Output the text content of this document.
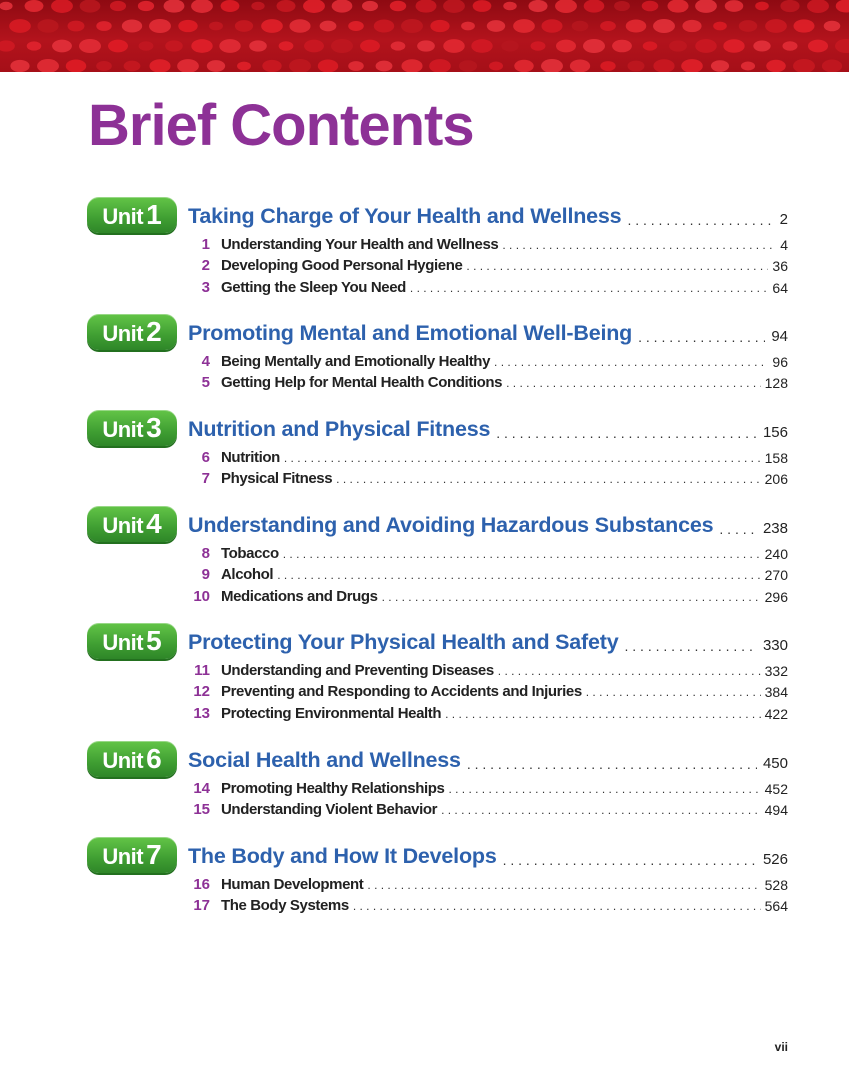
Brief Contents
Unit 1 Taking Charge of Your Health and Wellness . . .	2
1 Understanding Your Health and Wellness . . .	4
2 Developing Good Personal Hygiene . . .	36
3 Getting the Sleep You Need . . .	64
Unit 2 Promoting Mental and Emotional Well-Being . . .	94
4 Being Mentally and Emotionally Healthy . . .	96
5 Getting Help for Mental Health Conditions . . .	128
Unit 3 Nutrition and Physical Fitness . . .	156
6 Nutrition . . .	158
7 Physical Fitness . . .	206
Unit 4 Understanding and Avoiding Hazardous Substances . . .	238
8 Tobacco . . .	240
9 Alcohol . . .	270
10 Medications and Drugs . . .	296
Unit 5 Protecting Your Physical Health and Safety . . .	330
11 Understanding and Preventing Diseases . . .	332
12 Preventing and Responding to Accidents and Injuries . . .	384
13 Protecting Environmental Health . . .	422
Unit 6 Social Health and Wellness . . .	450
14 Promoting Healthy Relationships . . .	452
15 Understanding Violent Behavior . . .	494
Unit 7 The Body and How It Develops . . .	526
16 Human Development . . .	528
17 The Body Systems . . .	564
vii
